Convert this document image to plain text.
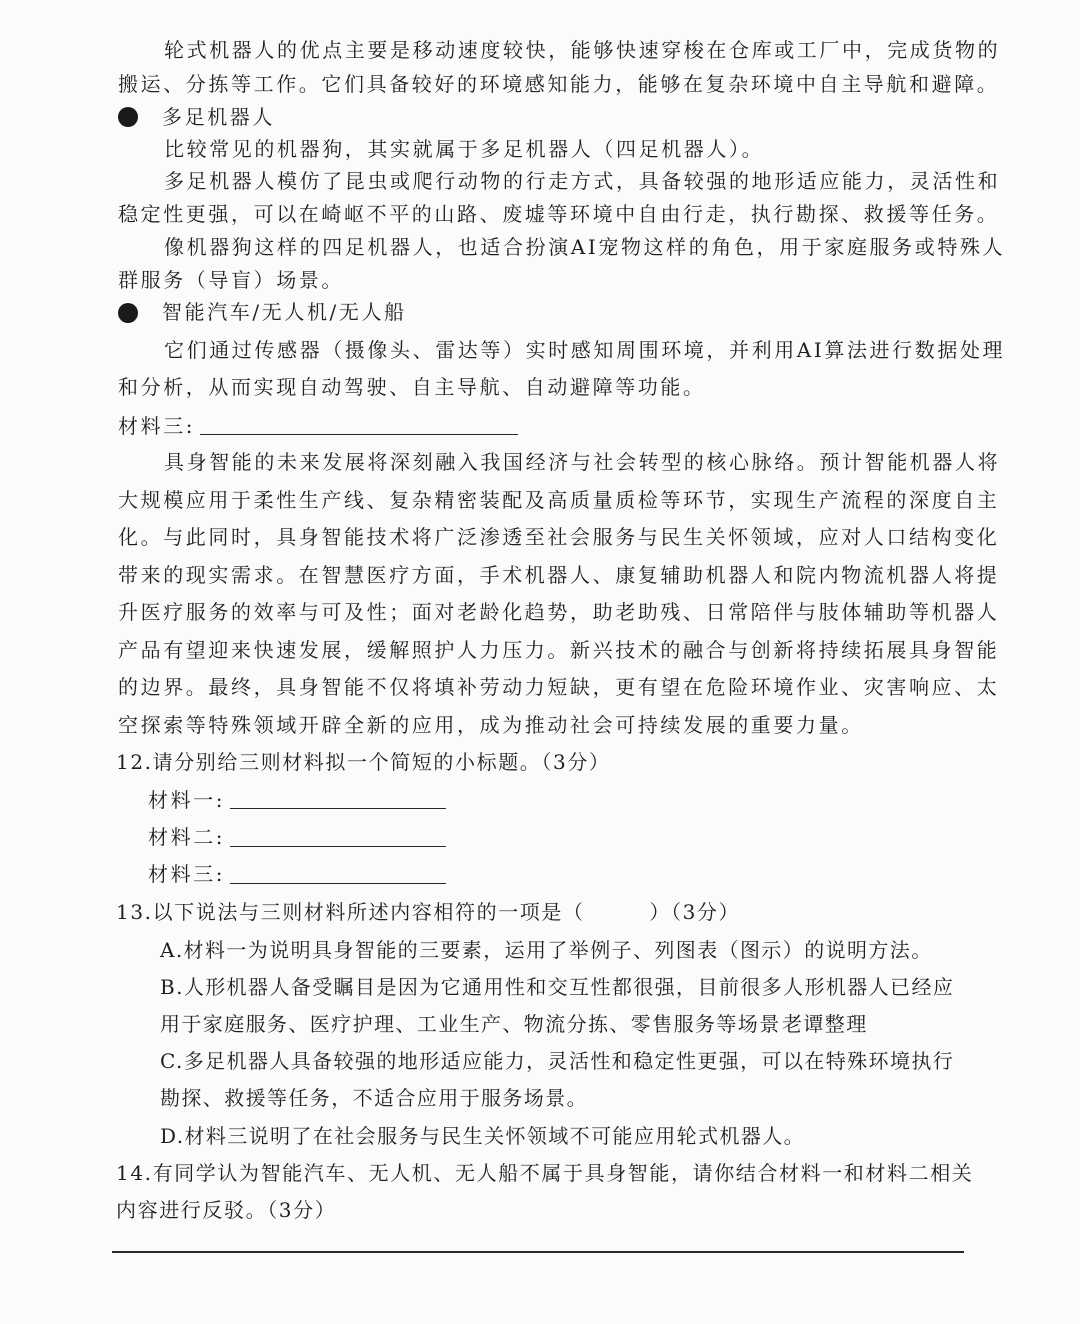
轮式机器人的优点主要是移动速度较快，能够快速穿梭在仓库或工厂中，完成货物的
搬运、分拣等工作。它们具备较好的环境感知能力，能够在复杂环境中自主导航和避障。
多足机器人
比较常见的机器狗，其实就属于多足机器人（四足机器人）。
多足机器人模仿了昆虫或爬行动物的行走方式，具备较强的地形适应能力，灵活性和
稳定性更强，可以在崎岖不平的山路、废墟等环境中自由行走，执行勘探、救援等任务。
像机器狗这样的四足机器人，也适合扮演AI宠物这样的角色，用于家庭服务或特殊人
群服务（导盲）场景。
智能汽车/无人机/无人船
它们通过传感器（摄像头、雷达等）实时感知周围环境，并利用AI算法进行数据处理
和分析，从而实现自动驾驶、自主导航、自动避障等功能。
材料三:
具身智能的未来发展将深刻融入我国经济与社会转型的核心脉络。预计智能机器人将
大规模应用于柔性生产线、复杂精密装配及高质量质检等环节，实现生产流程的深度自主
化。与此同时，具身智能技术将广泛渗透至社会服务与民生关怀领域，应对人口结构变化
带来的现实需求。在智慧医疗方面，手术机器人、康复辅助机器人和院内物流机器人将提
升医疗服务的效率与可及性；面对老龄化趋势，助老助残、日常陪伴与肢体辅助等机器人
产品有望迎来快速发展，缓解照护人力压力。新兴技术的融合与创新将持续拓展具身智能
的边界。最终，具身智能不仅将填补劳动力短缺，更有望在危险环境作业、灾害响应、太
空探索等特殊领域开辟全新的应用，成为推动社会可持续发展的重要力量。
12.请分别给三则材料拟一个简短的小标题。（3分）
材料一:
材料二:
材料三:
13.以下说法与三则材料所述内容相符的一项是（　　　）（3分）
A.材料一为说明具身智能的三要素，运用了举例子、列图表（图示）的说明方法。
B.人形机器人备受瞩目是因为它通用性和交互性都很强，目前很多人形机器人已经应
用于家庭服务、医疗护理、工业生产、物流分拣、零售服务等场景 老谭整理
C.多足机器人具备较强的地形适应能力，灵活性和稳定性更强，可以在特殊环境执行
勘探、救援等任务，不适合应用于服务场景。
D.材料三说明了在社会服务与民生关怀领域不可能应用轮式机器人。
14.有同学认为智能汽车、无人机、无人船不属于具身智能，请你结合材料一和材料二相关
内容进行反驳。（3分）
